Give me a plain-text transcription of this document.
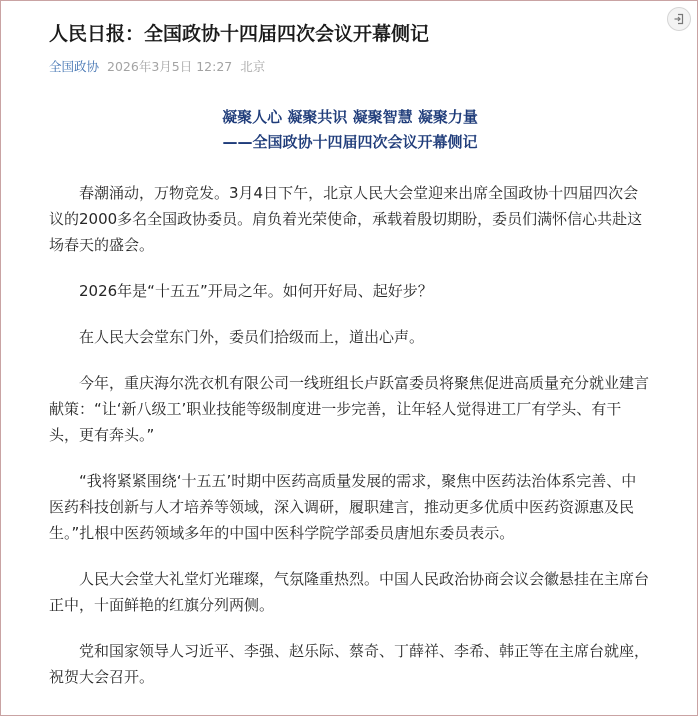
人民日报：全国政协十四届四次会议开幕侧记
全国政协 2026年3月5日 12:27 北京
凝聚人心 凝聚共识 凝聚智慧 凝聚力量
——全国政协十四届四次会议开幕侧记

春潮涌动，万物竞发。3月4日下午，北京人民大会堂迎来出席全国政协十四届四次会议的2000多名全国政协委员。肩负着光荣使命，承载着殷切期盼，委员们满怀信心共赴这场春天的盛会。

2026年是“十五五”开局之年。如何开好局、起好步？

在人民大会堂东门外，委员们拾级而上，道出心声。

今年，重庆海尔洗衣机有限公司一线班组长卢跃富委员将聚焦促进高质量充分就业建言献策：“让‘新八级工’职业技能等级制度进一步完善，让年轻人觉得进工厂有学头、有干头，更有奔头。”

“我将紧紧围绕‘十五五’时期中医药高质量发展的需求，聚焦中医药法治体系完善、中医药科技创新与人才培养等领域，深入调研，履职建言，推动更多优质中医药资源惠及民生。”扎根中医药领域多年的中国中医科学院学部委员唐旭东委员表示。

人民大会堂大礼堂灯光璀璨，气氛隆重热烈。中国人民政治协商会议会徽悬挂在主席台正中，十面鲜艳的红旗分列两侧。

党和国家领导人习近平、李强、赵乐际、蔡奇、丁薛祥、李希、韩正等在主席台就座，祝贺大会召开。
